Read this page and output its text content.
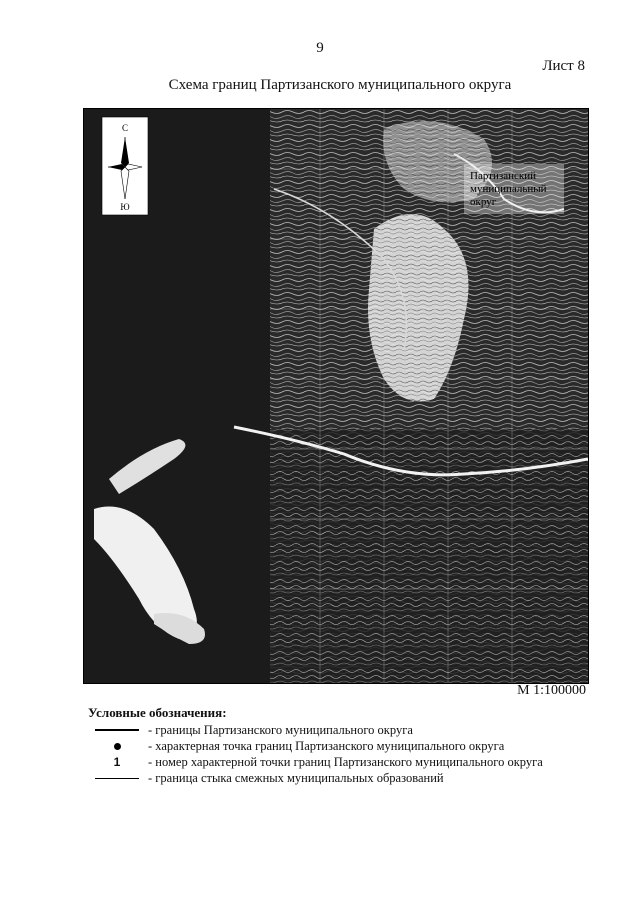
9
Лист 8
Схема границ Партизанского муниципального округа
Партизанский
муниципальный
округ
С
Ю
М 1:100000
Условные обозначения:
- границы Партизанского муниципального округа
- характерная точка границ Партизанского муниципального округа
1 - номер характерной точки границ Партизанского муниципального округа
- граница стыка смежных муниципальных образований
